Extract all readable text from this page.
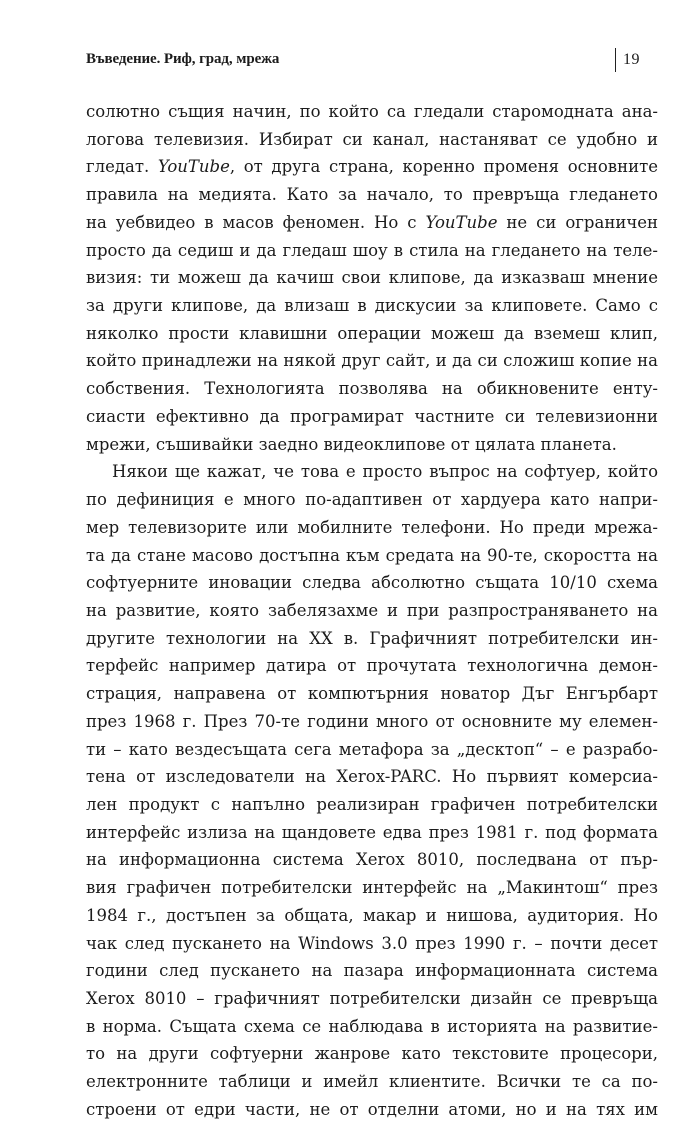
Въведение. Риф, град, мрежа	19
солютно същия начин, по който са гледали старомодната ана-
логова телевизия. Избират си канал, настаняват се удобно и
гледат. YouTube, от друга страна, коренно променя основните
правила на медията. Като за начало, то превръща гледането
на уебвидео в масов феномен. Но с YouTube не си ограничен
просто да седиш и да гледаш шоу в стила на гледането на теле-
визия: ти можеш да качиш свои клипове, да изказваш мнение
за други клипове, да влизаш в дискусии за клиповете. Само с
няколко прости клавишни операции можеш да вземеш клип,
който принадлежи на някой друг сайт, и да си сложиш копие на
собствения. Технологията позволява на обикновените енту-
сиасти ефективно да програмират частните си телевизионни
мрежи, съшивайки заедно видеоклипове от цялата планета.
Някои ще кажат, че това е просто въпрос на софтуер, който
по дефиниция е много по-адаптивен от хардуера като напри-
мер телевизорите или мобилните телефони. Но преди мрежа-
та да стане масово достъпна към средата на 90-те, скоростта на
софтуерните иновации следва абсолютно същата 10/10 схема
на развитие, която забелязахме и при разпространяването на
другите технологии на ХХ в. Графичният потребителски ин-
терфейс например датира от прочутата технологична демон-
страция, направена от компютърния новатор Дъг Енгърбарт
през 1968 г. През 70-те години много от основните му елемен-
ти – като вездесъщата сега метафора за „десктоп“ – е разрабо-
тена от изследователи на Xerox-PARC. Но първият комерсиа-
лен продукт с напълно реализиран графичен потребителски
интерфейс излиза на щандовете едва през 1981 г. под формата
на информационна система Xerox 8010, последвана от пър-
вия графичен потребителски интерфейс на „Макинтош“ през
1984 г., достъпен за общата, макар и нишова, аудитория. Но
чак след пускането на Windows 3.0 през 1990 г. – почти десет
години след пускането на пазара информационната система
Xerox 8010 – графичният потребителски дизайн се превръща
в норма. Същата схема се наблюдава в историята на развитие-
то на други софтуерни жанрове като текстовите процесори,
електронните таблици и имейл клиентите. Всички те са по-
строени от едри части, не от отделни атоми, но и на тях им
